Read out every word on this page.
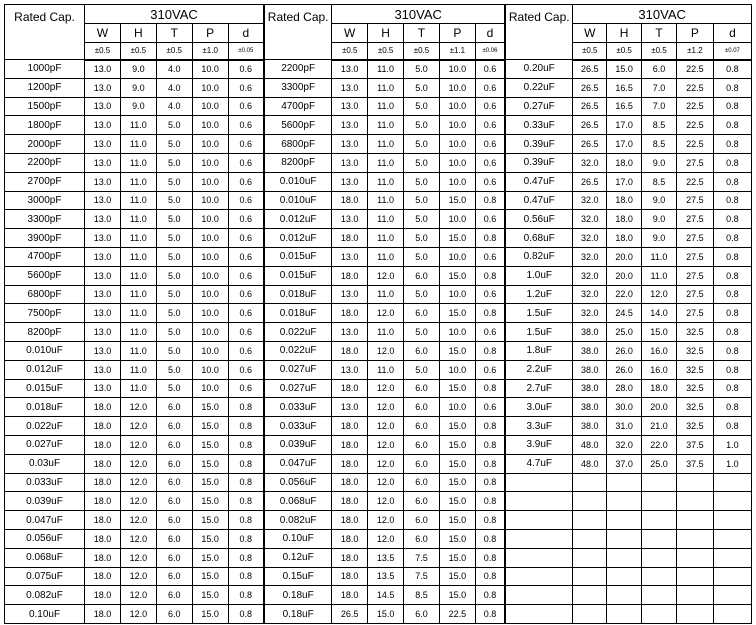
Rated Cap.	310VAC					Rated Cap.	310VAC					Rated Cap.	310VAC				
	W	H	T	P	d		W	H	T	P	d		W	H	T	P	d
	±0.5	±0.5	±0.5	±1.0	±0.05		±0.5	±0.5	±0.5	±1.1	±0.06		±0.5	±0.5	±0.5	±1.2	±0.07
1000pF	13.0	9.0	4.0	10.0	0.6	2200pF	13.0	11.0	5.0	10.0	0.6	0.20uF	26.5	15.0	6.0	22.5	0.8
1200pF	13.0	9.0	4.0	10.0	0.6	3300pF	13.0	11.0	5.0	10.0	0.6	0.22uF	26.5	16.5	7.0	22.5	0.8
1500pF	13.0	9.0	4.0	10.0	0.6	4700pF	13.0	11.0	5.0	10.0	0.6	0.27uF	26.5	16.5	7.0	22.5	0.8
1800pF	13.0	11.0	5.0	10.0	0.6	5600pF	13.0	11.0	5.0	10.0	0.6	0.33uF	26.5	17.0	8.5	22.5	0.8
2000pF	13.0	11.0	5.0	10.0	0.6	6800pF	13.0	11.0	5.0	10.0	0.6	0.39uF	26.5	17.0	8.5	22.5	0.8
2200pF	13.0	11.0	5.0	10.0	0.6	8200pF	13.0	11.0	5.0	10.0	0.6	0.39uF	32.0	18.0	9.0	27.5	0.8
2700pF	13.0	11.0	5.0	10.0	0.6	0.010uF	13.0	11.0	5.0	10.0	0.6	0.47uF	26.5	17.0	8.5	22.5	0.8
3000pF	13.0	11.0	5.0	10.0	0.6	0.010uF	18.0	11.0	5.0	15.0	0.8	0.47uF	32.0	18.0	9.0	27.5	0.8
3300pF	13.0	11.0	5.0	10.0	0.6	0.012uF	13.0	11.0	5.0	10.0	0.6	0.56uF	32.0	18.0	9.0	27.5	0.8
3900pF	13.0	11.0	5.0	10.0	0.6	0.012uF	18.0	11.0	5.0	15.0	0.8	0.68uF	32.0	18.0	9.0	27.5	0.8
4700pF	13.0	11.0	5.0	10.0	0.6	0.015uF	13.0	11.0	5.0	10.0	0.6	0.82uF	32.0	20.0	11.0	27.5	0.8
5600pF	13.0	11.0	5.0	10.0	0.6	0.015uF	18.0	12.0	6.0	15.0	0.8	1.0uF	32.0	20.0	11.0	27.5	0.8
6800pF	13.0	11.0	5.0	10.0	0.6	0.018uF	13.0	11.0	5.0	10.0	0.6	1.2uF	32.0	22.0	12.0	27.5	0.8
7500pF	13.0	11.0	5.0	10.0	0.6	0.018uF	18.0	12.0	6.0	15.0	0.8	1.5uF	32.0	24.5	14.0	27.5	0.8
8200pF	13.0	11.0	5.0	10.0	0.6	0.022uF	13.0	11.0	5.0	10.0	0.6	1.5uF	38.0	25.0	15.0	32.5	0.8
0.010uF	13.0	11.0	5.0	10.0	0.6	0.022uF	18.0	12.0	6.0	15.0	0.8	1.8uF	38.0	26.0	16.0	32.5	0.8
0.012uF	13.0	11.0	5.0	10.0	0.6	0.027uF	13.0	11.0	5.0	10.0	0.6	2.2uF	38.0	26.0	16.0	32.5	0.8
0.015uF	13.0	11.0	5.0	10.0	0.6	0.027uF	18.0	12.0	6.0	15.0	0.8	2.7uF	38.0	28.0	18.0	32.5	0.8
0.018uF	18.0	12.0	6.0	15.0	0.8	0.033uF	13.0	12.0	6.0	10.0	0.6	3.0uF	38.0	30.0	20.0	32.5	0.8
0.022uF	18.0	12.0	6.0	15.0	0.8	0.033uF	18.0	12.0	6.0	15.0	0.8	3.3uF	38.0	31.0	21.0	32.5	0.8
0.027uF	18.0	12.0	6.0	15.0	0.8	0.039uF	18.0	12.0	6.0	15.0	0.8	3.9uF	48.0	32.0	22.0	37.5	1.0
0.03uF	18.0	12.0	6.0	15.0	0.8	0.047uF	18.0	12.0	6.0	15.0	0.8	4.7uF	48.0	37.0	25.0	37.5	1.0
0.033uF	18.0	12.0	6.0	15.0	0.8	0.056uF	18.0	12.0	6.0	15.0	0.8						
0.039uF	18.0	12.0	6.0	15.0	0.8	0.068uF	18.0	12.0	6.0	15.0	0.8						
0.047uF	18.0	12.0	6.0	15.0	0.8	0.082uF	18.0	12.0	6.0	15.0	0.8						
0.056uF	18.0	12.0	6.0	15.0	0.8	0.10uF	18.0	12.0	6.0	15.0	0.8						
0.068uF	18.0	12.0	6.0	15.0	0.8	0.12uF	18.0	13.5	7.5	15.0	0.8						
0.075uF	18.0	12.0	6.0	15.0	0.8	0.15uF	18.0	13.5	7.5	15.0	0.8						
0.082uF	18.0	12.0	6.0	15.0	0.8	0.18uF	18.0	14.5	8.5	15.0	0.8						
0.10uF	18.0	12.0	6.0	15.0	0.8	0.18uF	26.5	15.0	6.0	22.5	0.8						
